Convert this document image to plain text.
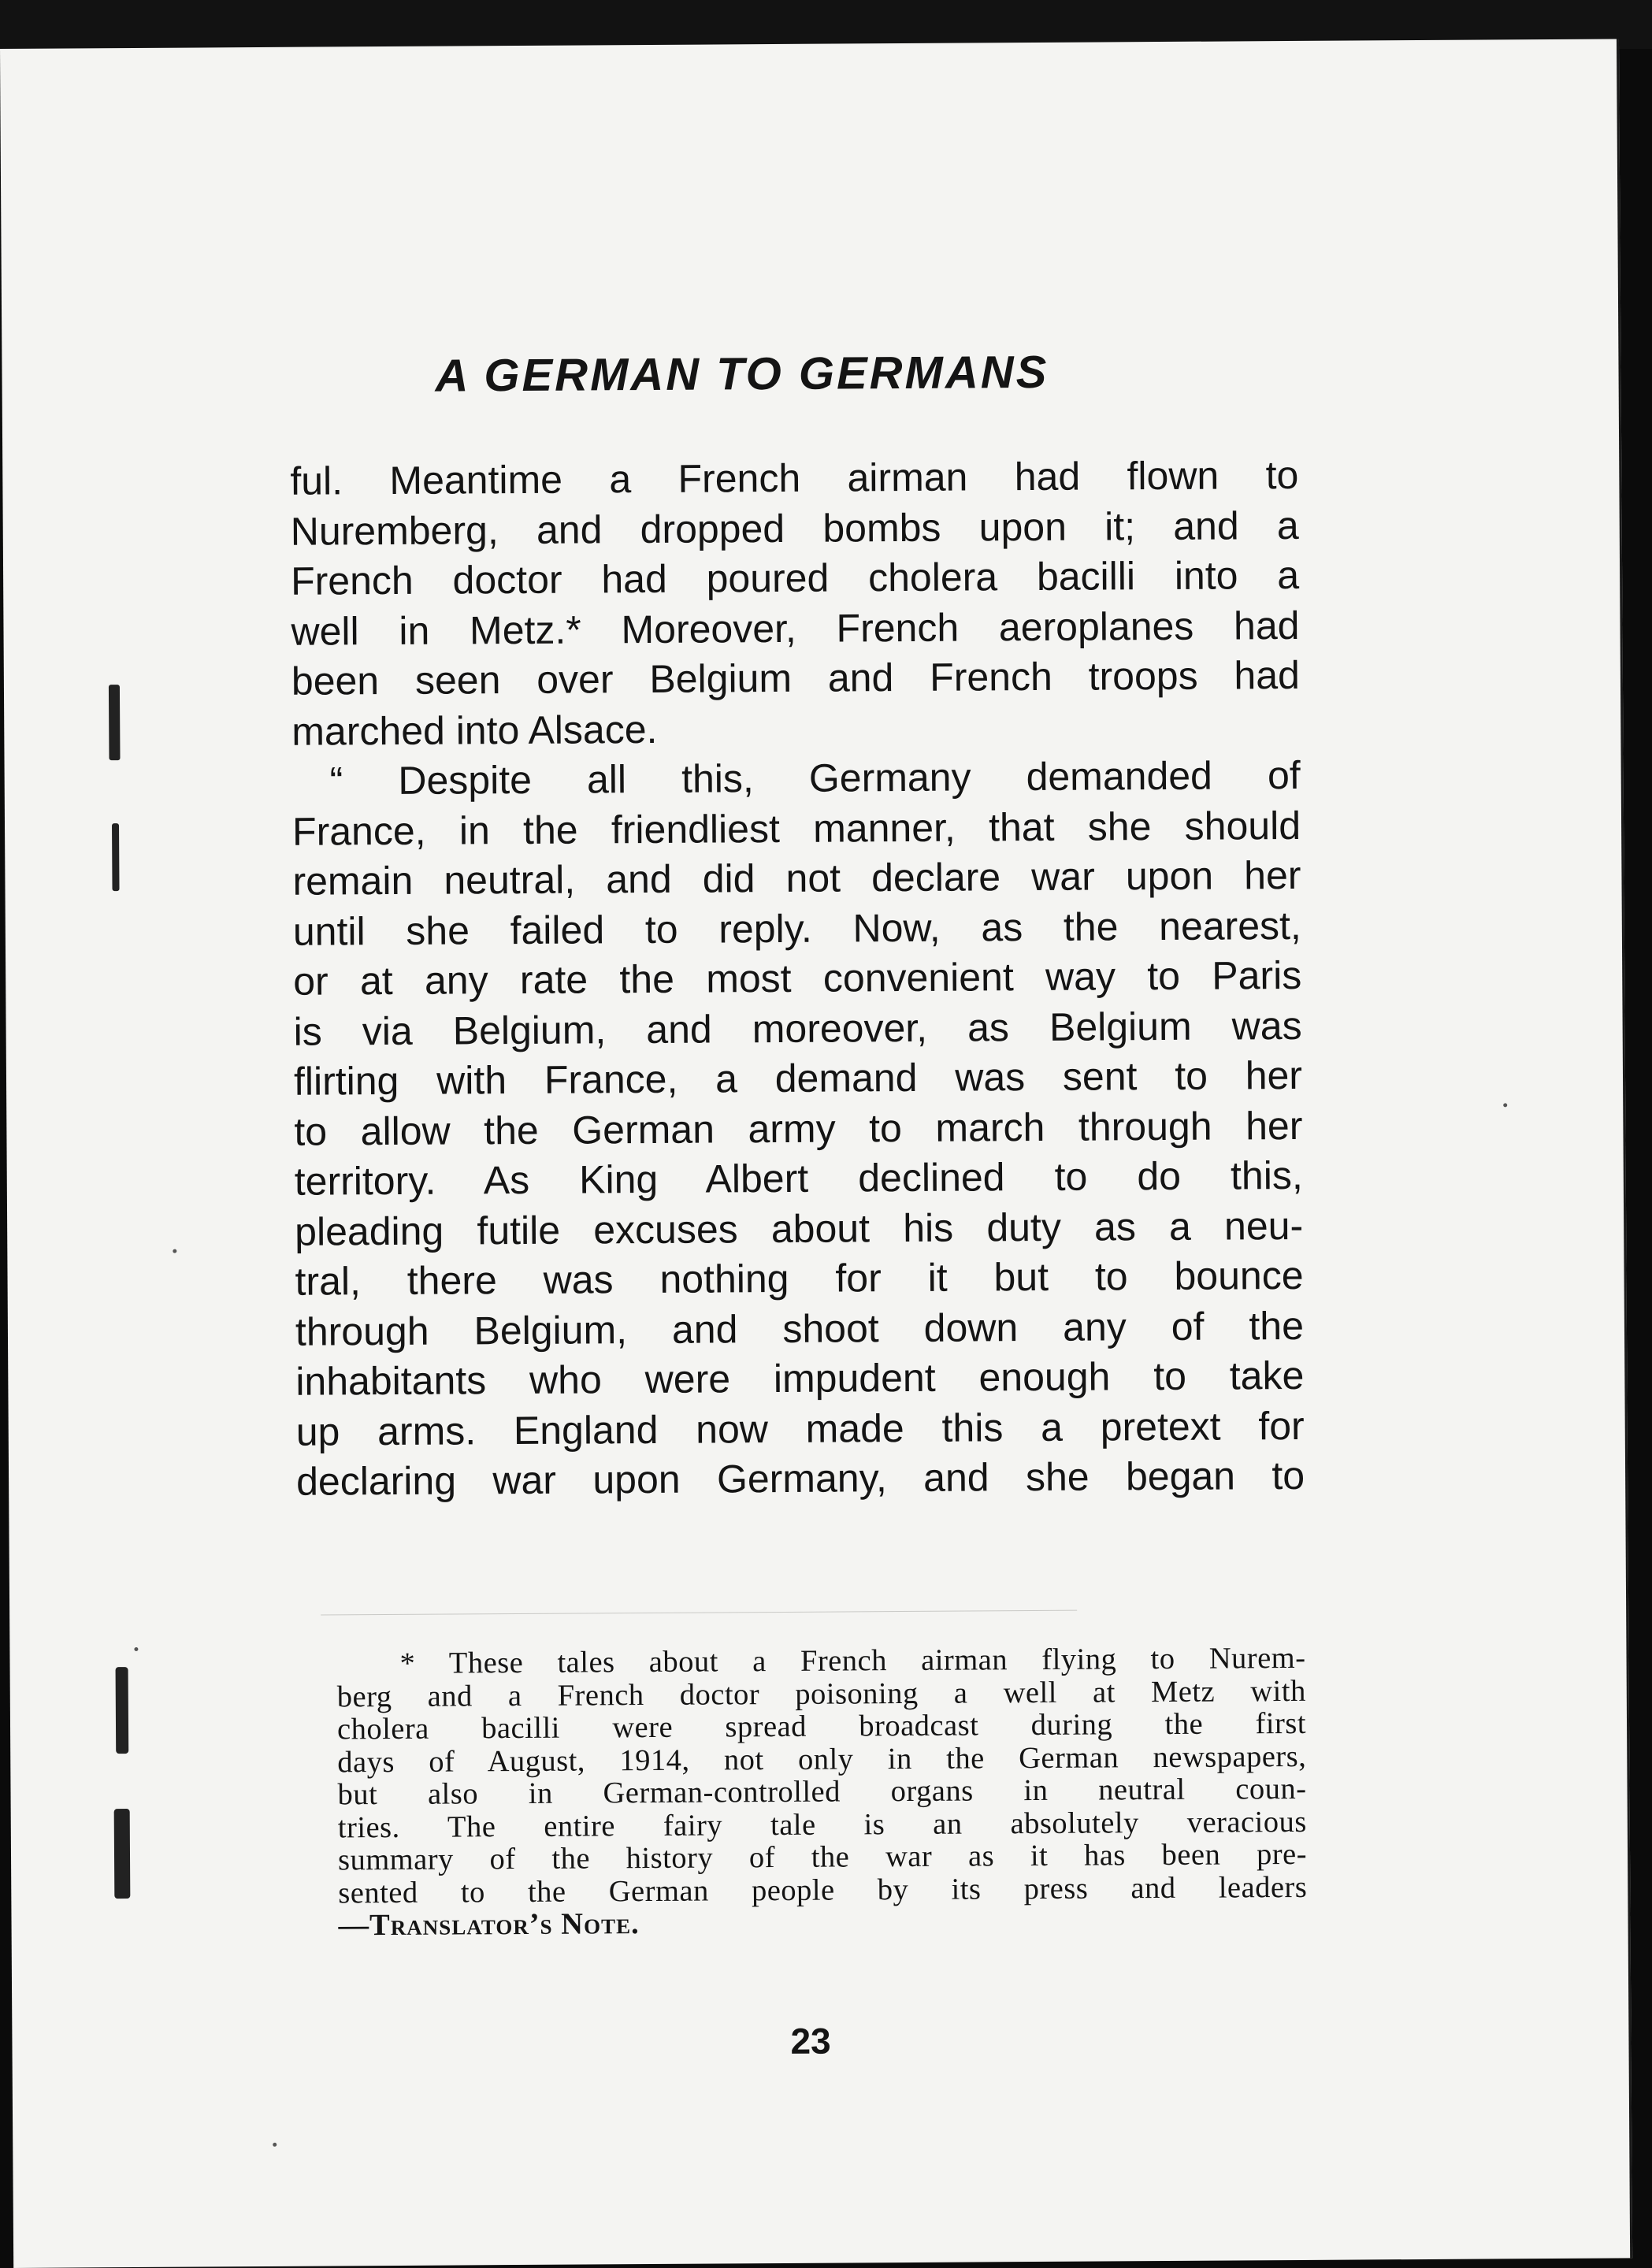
A GERMAN TO GERMANS
ful. Meantime a French airman had flown to
Nuremberg, and dropped bombs upon it; and a
French doctor had poured cholera bacilli into a
well in Metz.* Moreover, French aeroplanes had
been seen over Belgium and French troops had
marched into Alsace.
“ Despite all this, Germany demanded of
France, in the friendliest manner, that she should
remain neutral, and did not declare war upon her
until she failed to reply. Now, as the nearest,
or at any rate the most convenient way to Paris
is via Belgium, and moreover, as Belgium was
flirting with France, a demand was sent to her
to allow the German army to march through her
territory. As King Albert declined to do this,
pleading futile excuses about his duty as a neu-
tral, there was nothing for it but to bounce
through Belgium, and shoot down any of the
inhabitants who were impudent enough to take
up arms. England now made this a pretext for
declaring war upon Germany, and she began to
* These tales about a French airman flying to Nurem-
berg and a French doctor poisoning a well at Metz with
cholera bacilli were spread broadcast during the first
days of August, 1914, not only in the German newspapers,
but also in German-controlled organs in neutral coun-
tries. The entire fairy tale is an absolutely veracious
summary of the history of the war as it has been pre-
sented to the German people by its press and leaders
—Translator’s Note.
23
